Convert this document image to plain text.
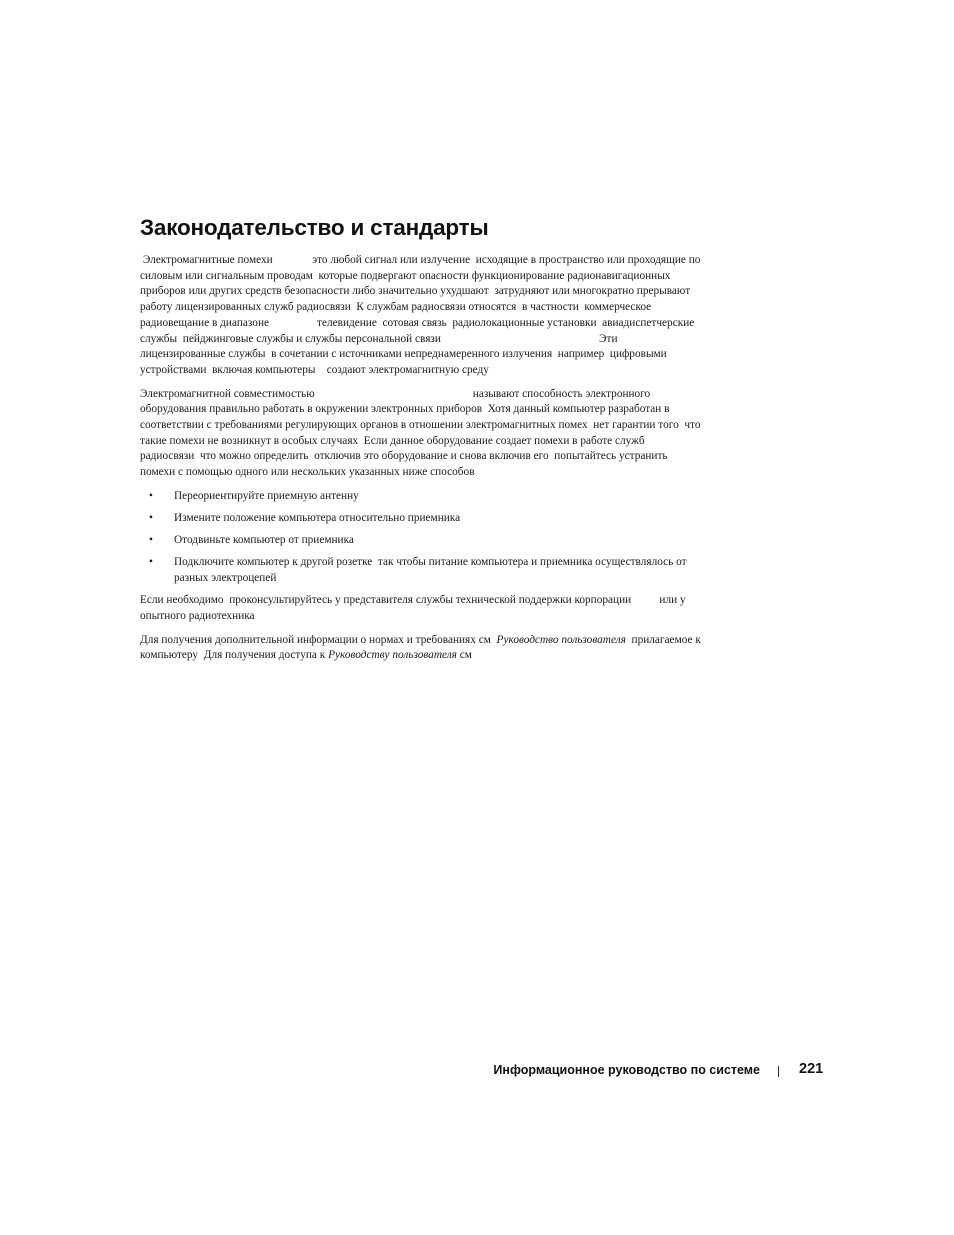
Законодательство и стандарты
Электромагнитные помехи              это любой сигнал или излучение  исходящие в пространство или проходящие по
силовым или сигнальным проводам  которые подвергают опасности функционирование радионавигационных
приборов или других средств безопасности либо значительно ухудшают  затрудняют или многократно прерывают
работу лицензированных служб радиосвязи  К службам радиосвязи относятся  в частности  коммерческое
радиовещание в диапазоне                 телевидение  сотовая связь  радиолокационные установки  авиадиспетчерские
службы  пейджинговые службы и службы персональной связи                                                        Эти
лицензированные службы  в сочетании с источниками непреднамеренного излучения  например  цифровыми
устройствами  включая компьютеры    создают электромагнитную среду
Электромагнитной совместимостью                                                        называют способность электронного
оборудования правильно работать в окружении электронных приборов  Хотя данный компьютер разработан в
соответствии с требованиями регулирующих органов в отношении электромагнитных помех  нет гарантии того  что
такие помехи не возникнут в особых случаях  Если данное оборудование создает помехи в работе служб
радиосвязи  что можно определить  отключив это оборудование и снова включив его  попытайтесь устранить
помехи с помощью одного или нескольких указанных ниже способов
• Переориентируйте приемную антенну
• Измените положение компьютера относительно приемника
• Отодвиньте компьютер от приемника
• Подключите компьютер к другой розетке  так чтобы питание компьютера и приемника осуществлялось от
разных электроцепей
Если необходимо  проконсультируйтесь у представителя службы технической поддержки корпорации          или у
опытного радиотехника
Для получения дополнительной информации о нормах и требованиях см  Руководство пользователя  прилагаемое к
компьютеру  Для получения доступа к Руководству пользователя см
Информационное руководство по системе	221
